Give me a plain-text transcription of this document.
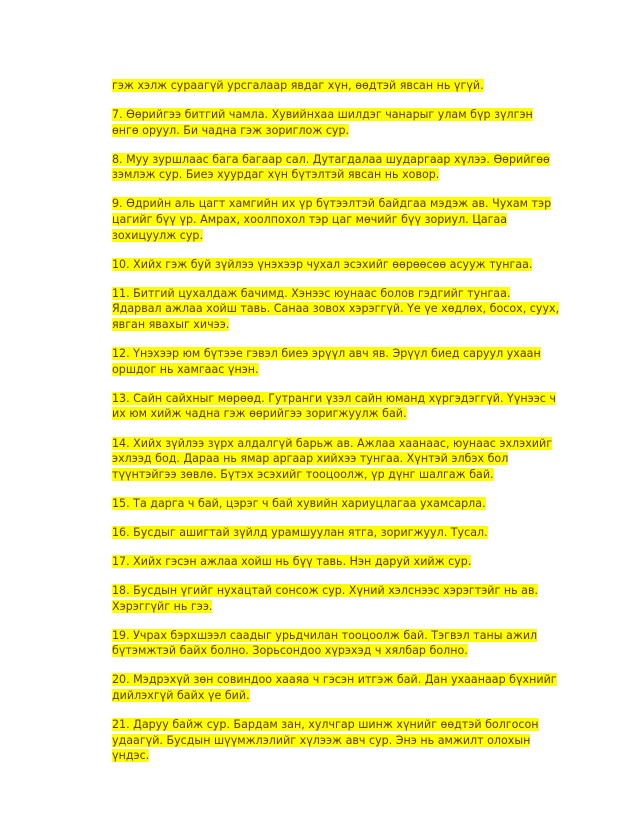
гэж хэлж сураагүй урсгалаар явдаг хүн, өөдтэй явсан нь үгүй.

7. Өөрийгээ битгий чамла. Хувийнхаа шилдэг чанарыг улам бүр зүлгэн өнгө оруул. Би чадна гэж зориглож сур.

8. Муу зуршлаас бага багаар сал. Дутагдалаа шударгаар хүлээ. Өөрийгөө зэмлэж сур. Биеэ хуурдаг хүн бүтэлтэй явсан нь ховор.

9. Өдрийн аль цагт хамгийн их үр бүтээлтэй байдгаа мэдэж ав. Чухам тэр цагийг бүү үр. Амрах, хоолпохол тэр цаг мөчийг бүү зориул. Цагаа зохицуулж сур.

10. Хийх гэж буй зүйлээ үнэхээр чухал эсэхийг өөрөөсөө асууж тунгаа.

11. Битгий цухалдаж бачимд. Хэнээс юунаас болов гэдгийг тунгаа. Ядарвал ажлаа хойш тавь. Санаа зовох хэрэггүй. Үе үе хөдлөх, босох, суух, явган явахыг хичээ.

12. Үнэхээр юм бүтээе гэвэл биеэ эрүүл авч яв. Эрүүл биед саруул ухаан оршдог нь хамгаас үнэн.

13. Сайн сайхныг мөрөөд. Гутранги үзэл сайн юманд хүргэдэггүй. Үүнээс ч их юм хийж чадна гэж өөрийгээ зоригжуулж бай.

14. Хийх зүйлээ зүрх алдалгүй барьж ав. Ажлаа хаанаас, юунаас эхлэхийг эхлээд бод. Дараа нь ямар аргаар хийхээ тунгаа. Хүнтэй элбэх бол түүнтэйгээ зөвлө. Бүтэх эсэхийг тооцоолж, үр дүнг шалгаж бай.

15. Та дарга ч бай, цэрэг ч бай хувийн хариуцлагаа ухамсарла.

16. Бусдыг ашигтай зүйлд урамшуулан ятга, зоригжуул. Тусал.

17. Хийх гэсэн ажлаа хойш нь бүү тавь. Нэн даруй хийж сур.

18. Бусдын үгийг нухацтай сонсож сур. Хүний хэлснээс хэрэгтэйг нь ав. Хэрэггүйг нь гээ.

19. Учрах бэрхшээл саадыг урьдчилан тооцоолж бай. Тэгвэл таны ажил бүтэмжтэй байх болно. Зорьсондоо хүрэхэд ч хялбар болно.

20. Мэдрэхүй зөн совиндоо хааяа ч гэсэн итгэж бай. Дан ухаанаар бүхнийг дийлэхгүй байх үе бий.

21. Даруу байж сур. Бардам зан, хулчгар шинж хүнийг өөдтэй болгосон удаагүй. Бусдын шүүмжлэлийг хүлээж авч сур. Энэ нь амжилт олохын үндэс.
